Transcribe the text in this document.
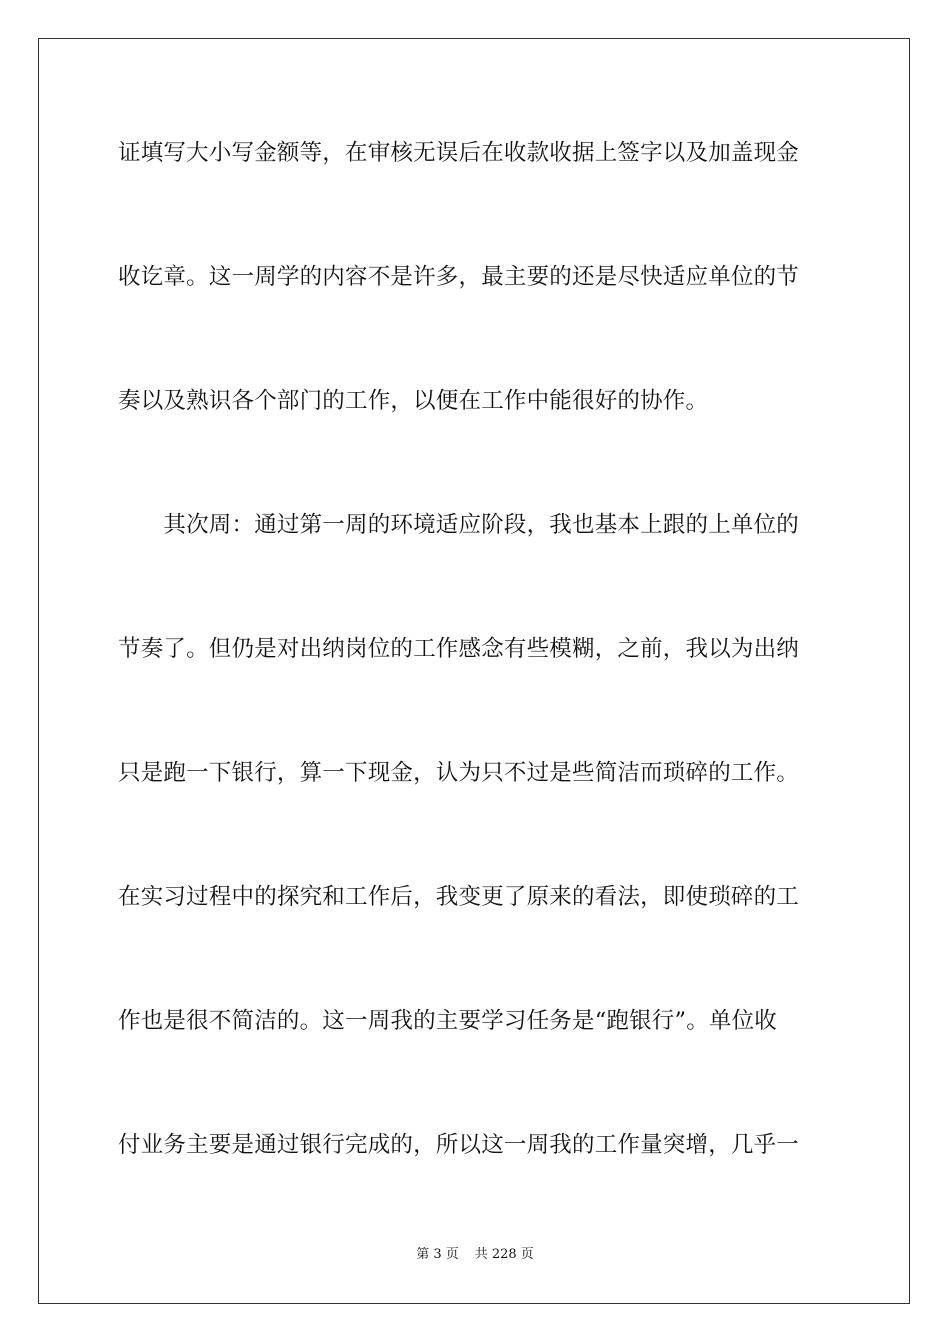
证填写大小写金额等，在审核无误后在收款收据上签字以及加盖现金
收讫章。这一周学的内容不是许多，最主要的还是尽快适应单位的节
奏以及熟识各个部门的工作，以便在工作中能很好的协作。
　　其次周：通过第一周的环境适应阶段，我也基本上跟的上单位的
节奏了。但仍是对出纳岗位的工作感念有些模糊，之前，我以为出纳
只是跑一下银行，算一下现金，认为只不过是些简洁而琐碎的工作。
在实习过程中的探究和工作后，我变更了原来的看法，即使琐碎的工
作也是很不简洁的。这一周我的主要学习任务是“跑银行”。单位收
付业务主要是通过银行完成的，所以这一周我的工作量突增，几乎一
第 3 页 共 228 页
